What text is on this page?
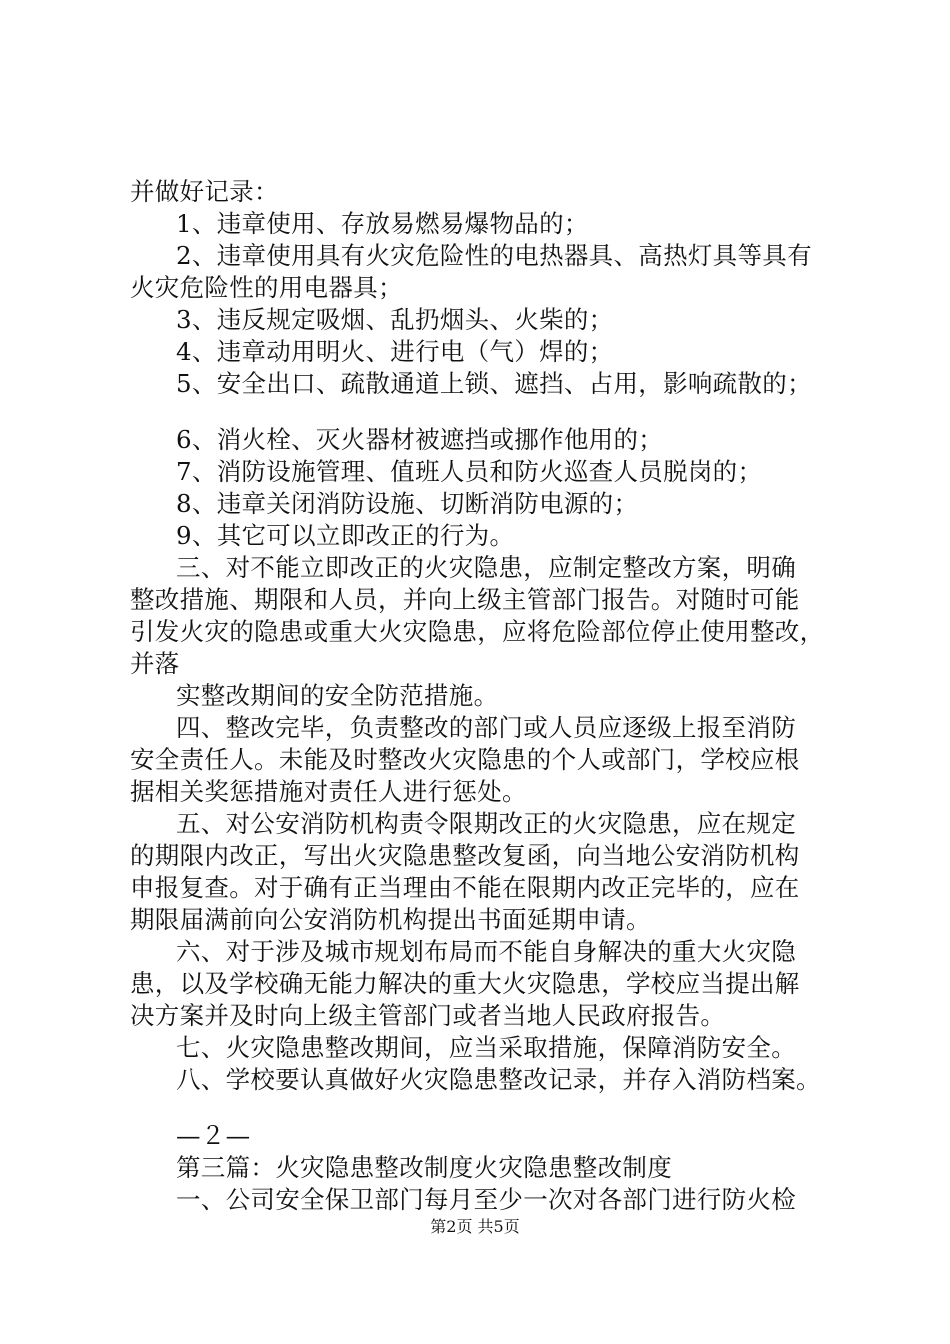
并做好记录：
1、违章使用、存放易燃易爆物品的；
2、违章使用具有火灾危险性的电热器具、高热灯具等具有
火灾危险性的用电器具；
3、违反规定吸烟、乱扔烟头、火柴的；
4、违章动用明火、进行电（气）焊的；
5、安全出口、疏散通道上锁、遮挡、占用，影响疏散的；
6、消火栓、灭火器材被遮挡或挪作他用的；
7、消防设施管理、值班人员和防火巡查人员脱岗的；
8、违章关闭消防设施、切断消防电源的；
9、其它可以立即改正的行为。
三、对不能立即改正的火灾隐患，应制定整改方案，明确
整改措施、期限和人员，并向上级主管部门报告。对随时可能
引发火灾的隐患或重大火灾隐患，应将危险部位停止使用整改，
并落
实整改期间的安全防范措施。
四、整改完毕，负责整改的部门或人员应逐级上报至消防
安全责任人。未能及时整改火灾隐患的个人或部门，学校应根
据相关奖惩措施对责任人进行惩处。
五、对公安消防机构责令限期改正的火灾隐患，应在规定
的期限内改正，写出火灾隐患整改复函，向当地公安消防机构
申报复查。对于确有正当理由不能在限期内改正完毕的，应在
期限届满前向公安消防机构提出书面延期申请。
六、对于涉及城市规划布局而不能自身解决的重大火灾隐
患，以及学校确无能力解决的重大火灾隐患，学校应当提出解
决方案并及时向上级主管部门或者当地人民政府报告。
七、火灾隐患整改期间，应当采取措施，保障消防安全。
八、学校要认真做好火灾隐患整改记录，并存入消防档案。
—２—
第三篇：火灾隐患整改制度火灾隐患整改制度
一、公司安全保卫部门每月至少一次对各部门进行防火检
第2页 共5页
